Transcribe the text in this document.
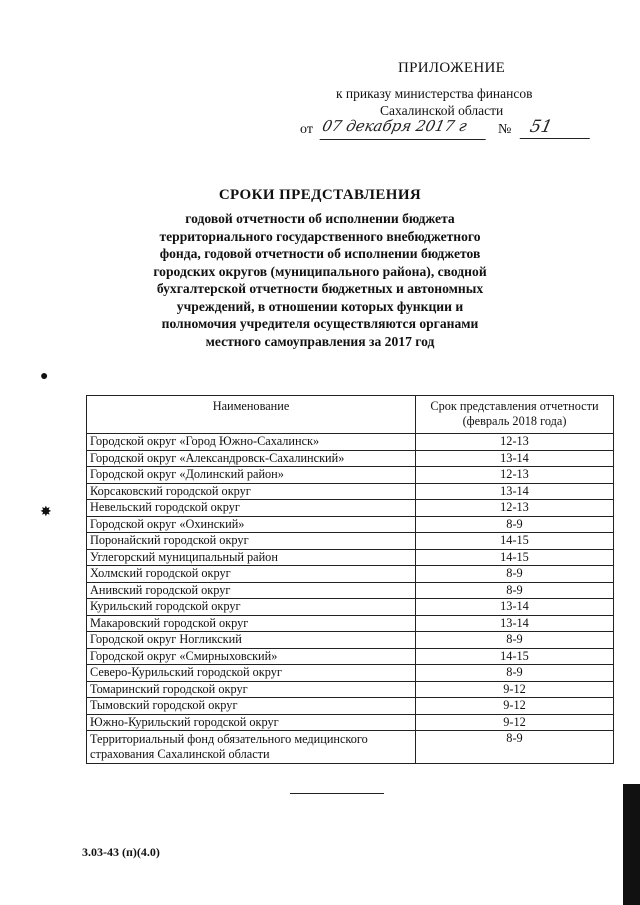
ПРИЛОЖЕНИЕ
к приказу министерства финансов
Сахалинской области
от 07 декабря 2017 г	№ 51
СРОКИ ПРЕДСТАВЛЕНИЯ
годовой отчетности об исполнении бюджета территориального государственного внебюджетного фонда, годовой отчетности об исполнении бюджетов городских округов (муниципального района), сводной бухгалтерской отчетности бюджетных и автономных учреждений, в отношении которых функции и полномочия учредителя осуществляются органами местного самоуправления за 2017 год
●
✸
Наименование	Срок представления отчетности
(февраль 2018 года)
Городской округ «Город Южно-Сахалинск»	12-13
Городской округ «Александровск-Сахалинский»	13-14
Городской округ «Долинский район»	12-13
Корсаковский городской округ	13-14
Невельский городской округ	12-13
Городской округ «Охинский»	8-9
Поронайский городской округ	14-15
Углегорский муниципальный район	14-15
Холмский городской округ	8-9
Анивский городской округ	8-9
Курильский городской округ	13-14
Макаровский городской округ	13-14
Городской округ Ногликский	8-9
Городской округ «Смирныховский»	14-15
Северо-Курильский городской округ	8-9
Томаринский городской округ	9-12
Тымовский городской округ	9-12
Южно-Курильский городской округ	9-12
Территориальный фонд обязательного медицинского
страхования Сахалинской области	8-9
3.03-43 (п)(4.0)
